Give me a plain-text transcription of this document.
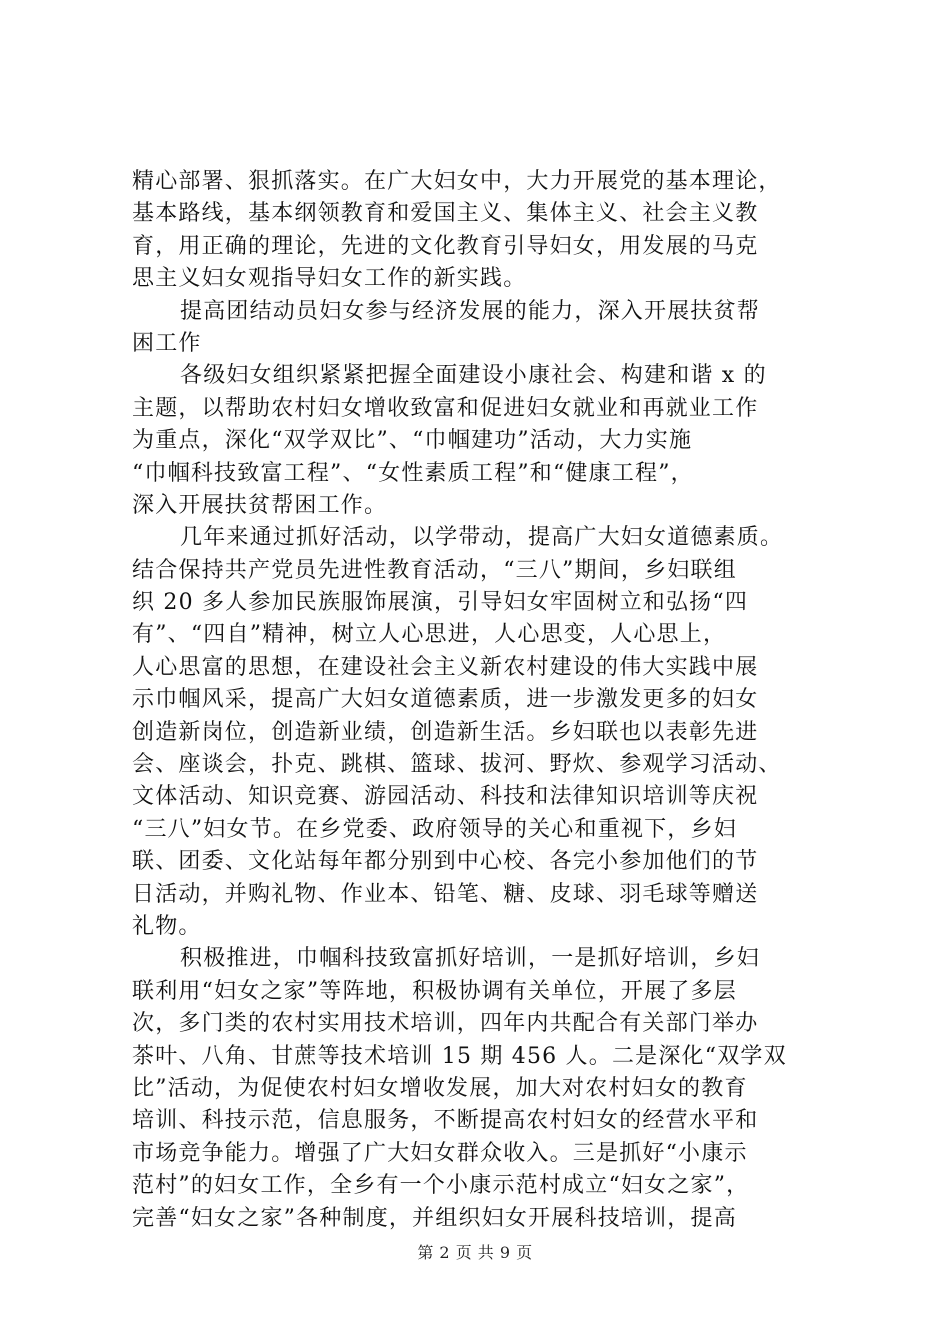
精心部署、狠抓落实。在广大妇女中，大力开展党的基本理论，
基本路线，基本纲领教育和爱国主义、集体主义、社会主义教
育，用正确的理论，先进的文化教育引导妇女，用发展的马克
思主义妇女观指导妇女工作的新实践。
提高团结动员妇女参与经济发展的能力，深入开展扶贫帮
困工作
各级妇女组织紧紧把握全面建设小康社会、构建和谐 x 的
主题，以帮助农村妇女增收致富和促进妇女就业和再就业工作
为重点，深化“双学双比”、“巾帼建功”活动，大力实施
“巾帼科技致富工程”、“女性素质工程”和“健康工程”，
深入开展扶贫帮困工作。
几年来通过抓好活动，以学带动，提高广大妇女道德素质。
结合保持共产党员先进性教育活动，“三八”期间，乡妇联组
织 20 多人参加民族服饰展演，引导妇女牢固树立和弘扬“四
有”、“四自”精神，树立人心思进，人心思变，人心思上，
人心思富的思想，在建设社会主义新农村建设的伟大实践中展
示巾帼风采，提高广大妇女道德素质，进一步激发更多的妇女
创造新岗位，创造新业绩，创造新生活。乡妇联也以表彰先进
会、座谈会，扑克、跳棋、篮球、拔河、野炊、参观学习活动、
文体活动、知识竞赛、游园活动、科技和法律知识培训等庆祝
“三八”妇女节。在乡党委、政府领导的关心和重视下，乡妇
联、团委、文化站每年都分别到中心校、各完小参加他们的节
日活动，并购礼物、作业本、铅笔、糖、皮球、羽毛球等赠送
礼物。
积极推进，巾帼科技致富抓好培训，一是抓好培训，乡妇
联利用“妇女之家”等阵地，积极协调有关单位，开展了多层
次，多门类的农村实用技术培训，四年内共配合有关部门举办
茶叶、八角、甘蔗等技术培训 15 期 456 人。二是深化“双学双
比”活动，为促使农村妇女增收发展，加大对农村妇女的教育
培训、科技示范，信息服务，不断提高农村妇女的经营水平和
市场竞争能力。增强了广大妇女群众收入。三是抓好“小康示
范村”的妇女工作，全乡有一个小康示范村成立“妇女之家”，
完善“妇女之家”各种制度，并组织妇女开展科技培训，提高
第 2 页 共 9 页
